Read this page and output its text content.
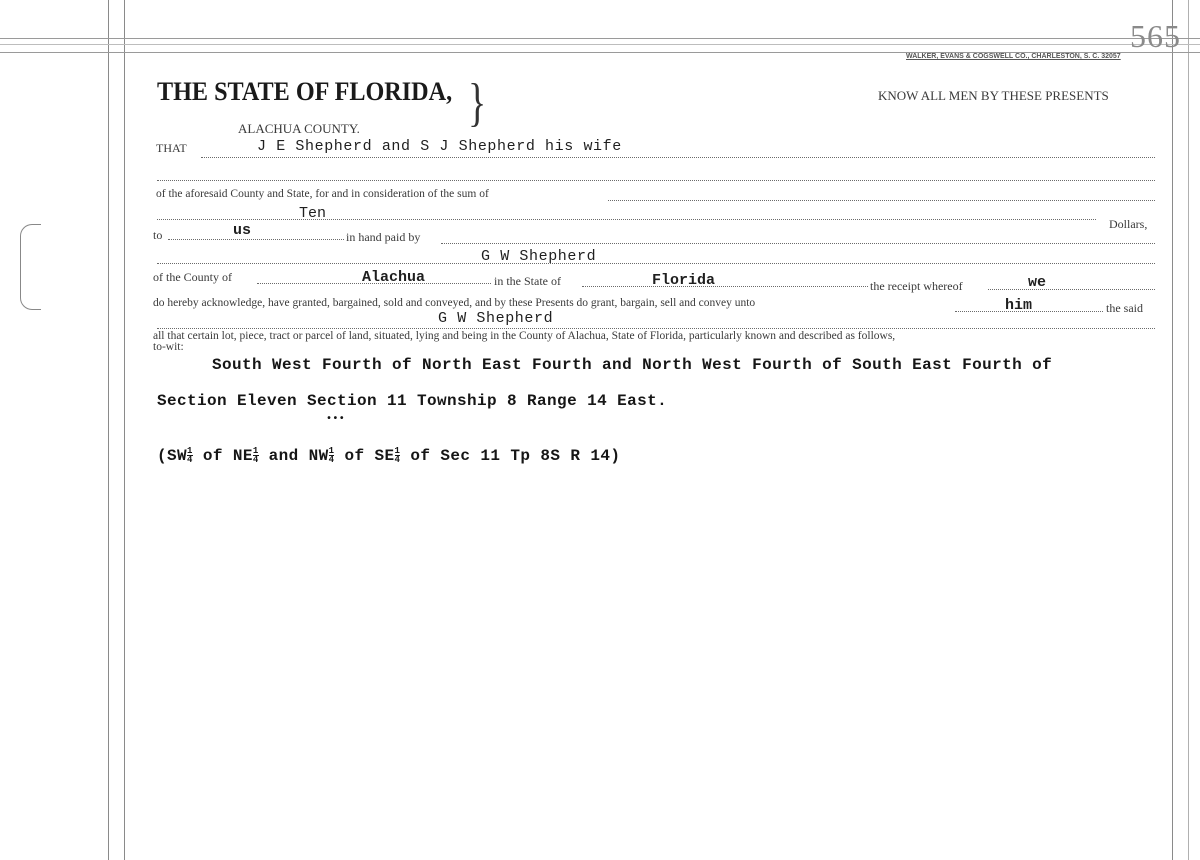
565
WALKER, EVANS & COGSWELL CO., CHARLESTON, S. C. 32057
THE STATE OF FLORIDA, }
ALACHUA COUNTY.
KNOW ALL MEN BY THESE PRESENTS
THAT	J E Shepherd and S J Shepherd his wife
of the aforesaid County and State, for and in consideration of the sum of
Ten
Dollars,
to	us	in hand paid by
G W Shepherd
of the County of	Alachua	in the State of	Florida	the receipt whereof	we
do hereby acknowledge, have granted, bargained, sold and conveyed, and by these Presents do grant, bargain, sell and convey unto	him	the said
G W Shepherd
all that certain lot, piece, tract or parcel of land, situated, lying and being in the County of Alachua, State of Florida, particularly known and described as follows,
to-wit:
South West Fourth of North East Fourth and North West Fourth of South East Fourth of
Section Eleven Section 11 Township 8 Range 14 East.
•••
($SW \frac{1}{4}$ of NE $\frac{1}{4}$ and NW $\frac{1}{4}$ of SE $\frac{1}{4}$ of Sec 11 Tp 8S R 14)
